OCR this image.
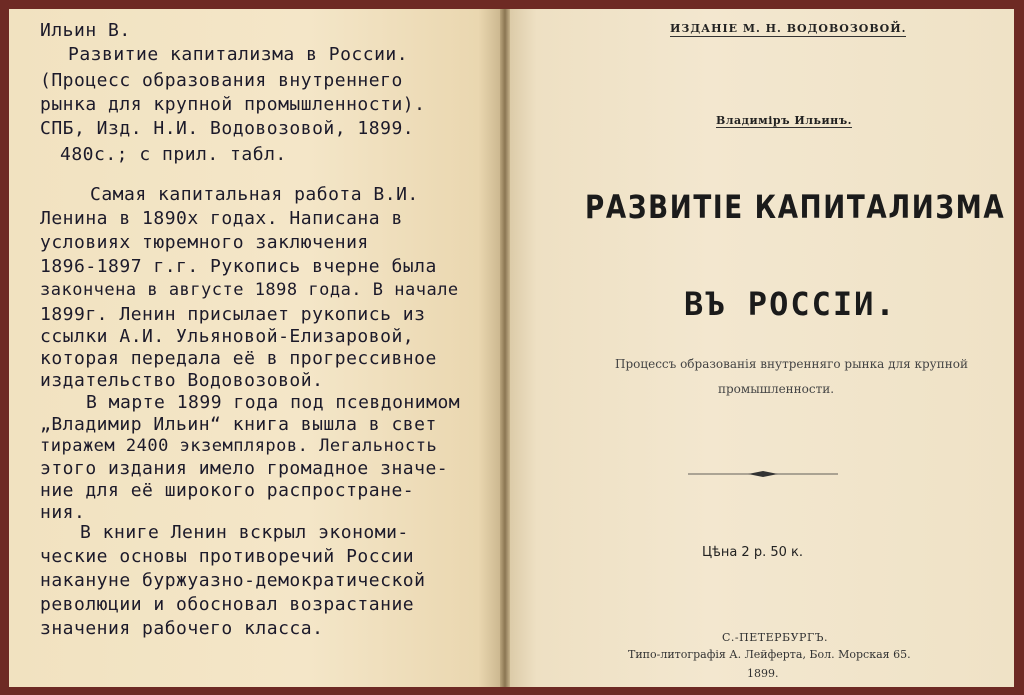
Ильин В.
Развитие капитализма в России.
(Процесс образования внутреннего
рынка для крупной промышленности).
СПБ, Изд. Н.И. Водовозовой, 1899.
480с.; с прил. табл.
Самая капитальная работа В.И.
Ленина в 1890х годах. Написана в
условиях тюремного заключения
1896-1897 г.г. Рукопись вчерне была
закончена в августе 1898 года. В начале
1899г. Ленин присылает рукопись из
ссылки А.И. Ульяновой-Елизаровой,
которая передала её в прогрессивное
издательство Водовозовой.
В марте 1899 года под псевдонимом
„Владимир Ильин“ книга вышла в свет
тиражем 2400 экземпляров. Легальность
этого издания имело громадное значе-
ние для её широкого распростране-
ния.
В книге Ленин вскрыл экономи-
ческие основы противоречий России
накануне буржуазно-демократической
революции и обосновал возрастание
значения рабочего класса.
ИЗДАНІЕ М. Н. ВОДОВОЗОВОЙ.
Владиміръ Ильинъ.
РАЗВИТІЕ КАПИТАЛИЗМА
ВЪ РОССІИ.
Процессъ образованія внутренняго рынка для крупной
промышленности.
Цѣна 2 р. 50 к.
С.-ПЕТЕРБУРГЪ.
Типо-литографія А. Лейферта, Бол. Морская 65.
1899.
